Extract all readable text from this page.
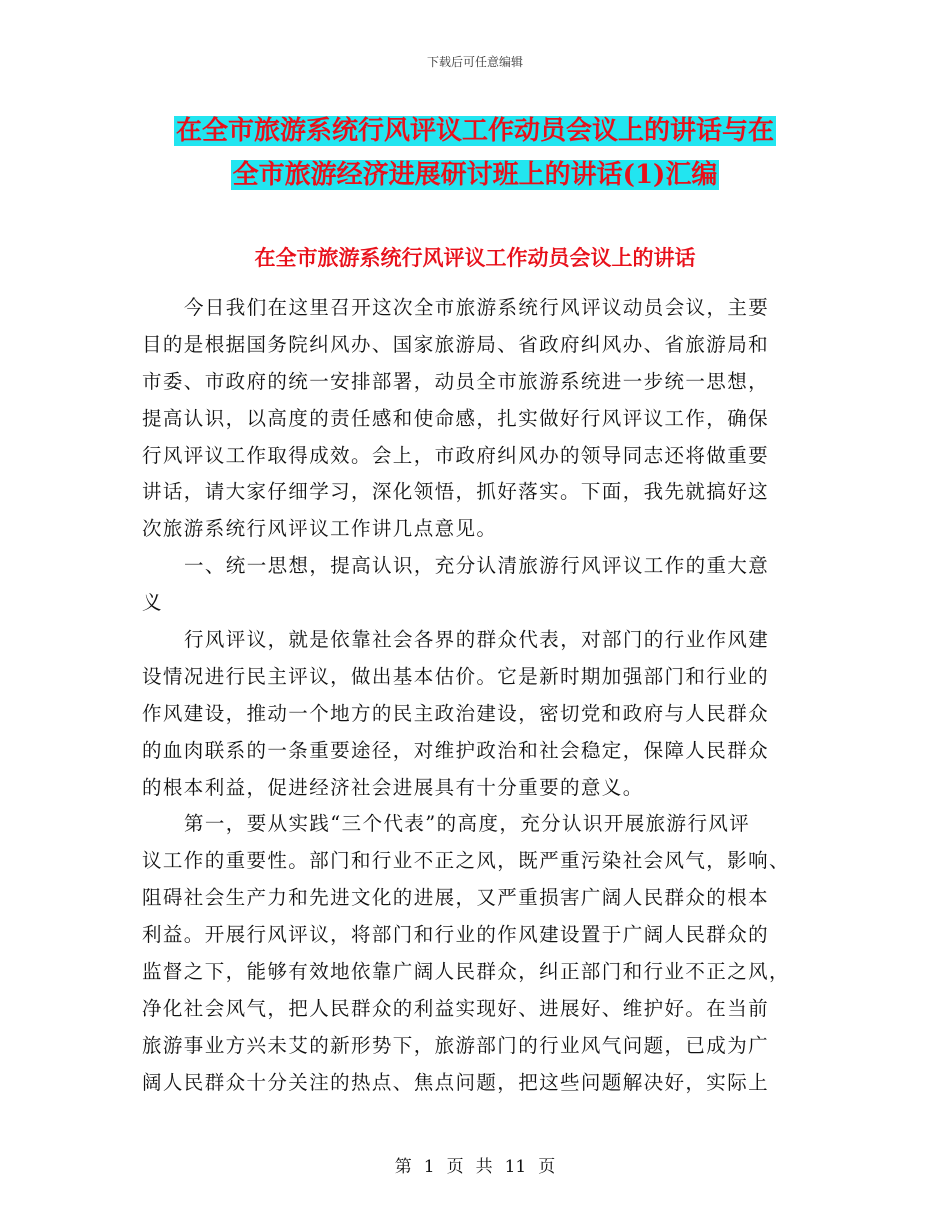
下载后可任意编辑
在全市旅游系统行风评议工作动员会议上的讲话与在
全市旅游经济进展研讨班上的讲话(1)汇编
在全市旅游系统行风评议工作动员会议上的讲话
今日我们在这里召开这次全市旅游系统行风评议动员会议，主要
目的是根据国务院纠风办、国家旅游局、省政府纠风办、省旅游局和
市委、市政府的统一安排部署，动员全市旅游系统进一步统一思想，
提高认识，以高度的责任感和使命感，扎实做好行风评议工作，确保
行风评议工作取得成效。会上，市政府纠风办的领导同志还将做重要
讲话，请大家仔细学习，深化领悟，抓好落实。下面，我先就搞好这
次旅游系统行风评议工作讲几点意见。
一、统一思想，提高认识，充分认清旅游行风评议工作的重大意
义
行风评议，就是依靠社会各界的群众代表，对部门的行业作风建
设情况进行民主评议，做出基本估价。它是新时期加强部门和行业的
作风建设，推动一个地方的民主政治建设，密切党和政府与人民群众
的血肉联系的一条重要途径，对维护政治和社会稳定，保障人民群众
的根本利益，促进经济社会进展具有十分重要的意义。
第一，要从实践“三个代表”的高度，充分认识开展旅游行风评
议工作的重要性。部门和行业不正之风，既严重污染社会风气，影响、
阻碍社会生产力和先进文化的进展，又严重损害广阔人民群众的根本
利益。开展行风评议，将部门和行业的作风建设置于广阔人民群众的
监督之下，能够有效地依靠广阔人民群众，纠正部门和行业不正之风，
净化社会风气，把人民群众的利益实现好、进展好、维护好。在当前
旅游事业方兴未艾的新形势下，旅游部门的行业风气问题，已成为广
阔人民群众十分关注的热点、焦点问题，把这些问题解决好，实际上
第 1 页 共 11 页
